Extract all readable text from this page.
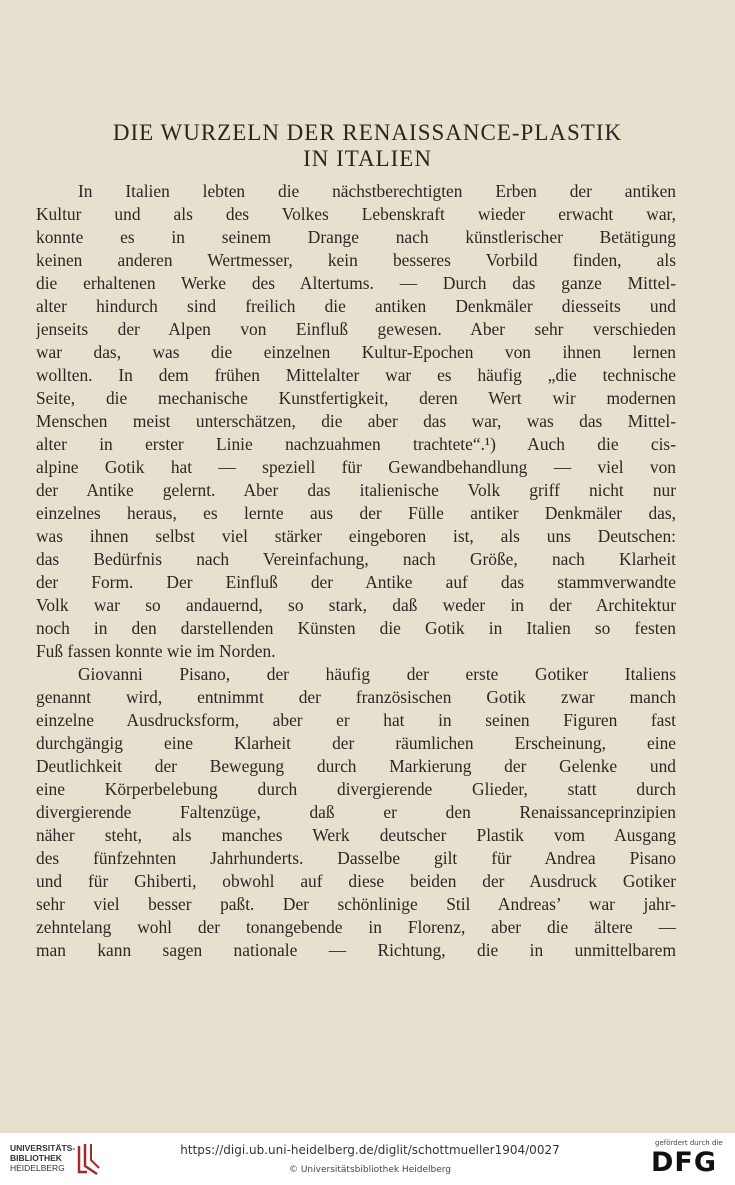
DIE WURZELN DER RENAISSANCE-PLASTIK
IN ITALIEN
In Italien lebten die nächstberechtigten Erben der antiken
Kultur und als des Volkes Lebenskraft wieder erwacht war,
konnte es in seinem Drange nach künstlerischer Betätigung
keinen anderen Wertmesser, kein besseres Vorbild finden, als
die erhaltenen Werke des Altertums. — Durch das ganze Mittel-
alter hindurch sind freilich die antiken Denkmäler diesseits und
jenseits der Alpen von Einfluß gewesen. Aber sehr verschieden
war das, was die einzelnen Kultur-Epochen von ihnen lernen
wollten. In dem frühen Mittelalter war es häufig „die technische
Seite, die mechanische Kunstfertigkeit, deren Wert wir modernen
Menschen meist unterschätzen, die aber das war, was das Mittel-
alter in erster Linie nachzuahmen trachtete“.¹) Auch die cis-
alpine Gotik hat — speziell für Gewandbehandlung — viel von
der Antike gelernt. Aber das italienische Volk griff nicht nur
einzelnes heraus, es lernte aus der Fülle antiker Denkmäler das,
was ihnen selbst viel stärker eingeboren ist, als uns Deutschen:
das Bedürfnis nach Vereinfachung, nach Größe, nach Klarheit
der Form. Der Einfluß der Antike auf das stammverwandte
Volk war so andauernd, so stark, daß weder in der Architektur
noch in den darstellenden Künsten die Gotik in Italien so festen
Fuß fassen konnte wie im Norden.
Giovanni Pisano, der häufig der erste Gotiker Italiens
genannt wird, entnimmt der französischen Gotik zwar manch
einzelne Ausdrucksform, aber er hat in seinen Figuren fast
durchgängig eine Klarheit der räumlichen Erscheinung, eine
Deutlichkeit der Bewegung durch Markierung der Gelenke und
eine Körperbelebung durch divergierende Glieder, statt durch
divergierende Faltenzüge, daß er den Renaissanceprinzipien
näher steht, als manches Werk deutscher Plastik vom Ausgang
des fünfzehnten Jahrhunderts. Dasselbe gilt für Andrea Pisano
und für Ghiberti, obwohl auf diese beiden der Ausdruck Gotiker
sehr viel besser paßt. Der schönlinige Stil Andreas’ war jahr-
zehntelang wohl der tonangebende in Florenz, aber die ältere —
man kann sagen nationale — Richtung, die in unmittelbarem
UNIVERSITÄTS-
BIBLIOTHEK
HEIDELBERG
https://digi.ub.uni-heidelberg.de/diglit/schottmueller1904/0027
© Universitätsbibliothek Heidelberg
gefördert durch die
DFG
